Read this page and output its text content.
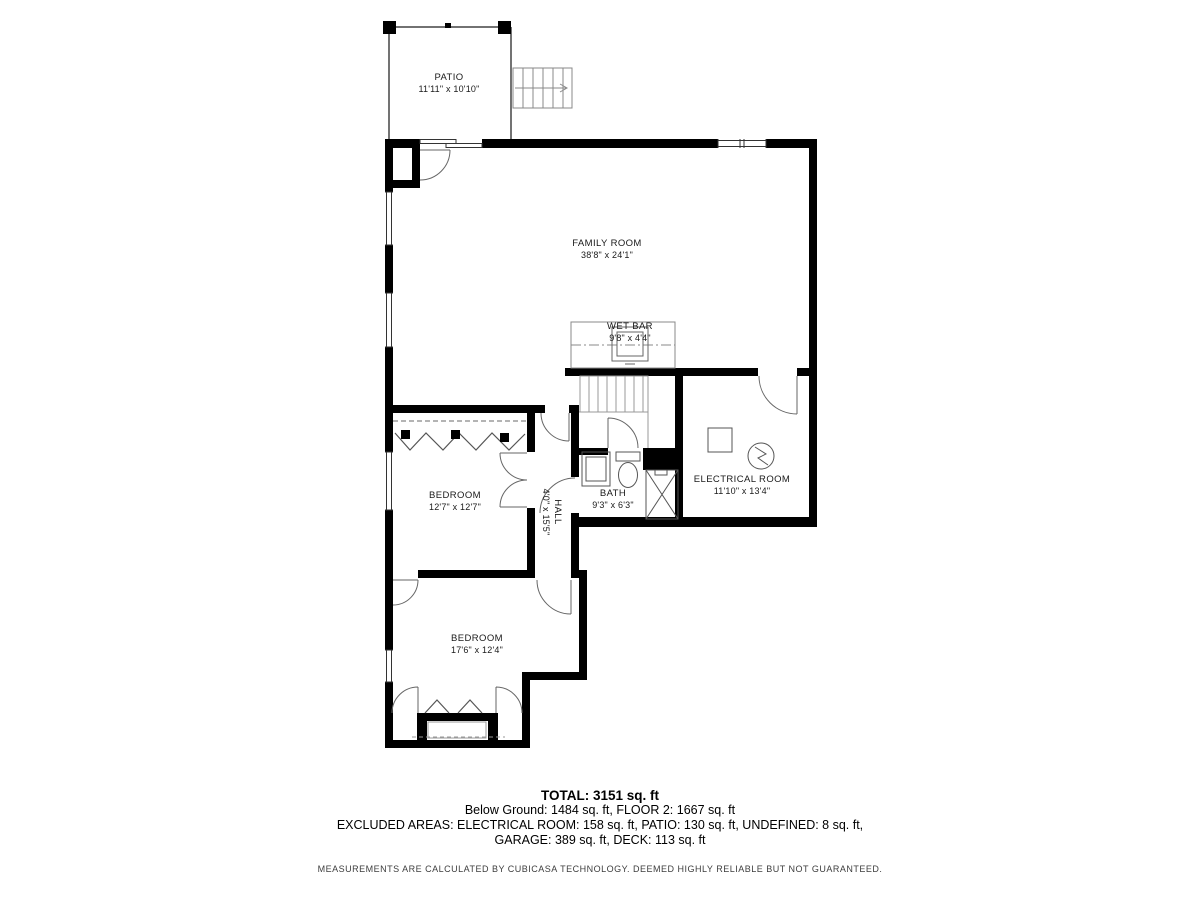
PATIO
11'11" x 10'10"
FAMILY ROOM
38'8" x 24'1"
WET BAR
9'8" x 4'4"
BEDROOM
12'7" x 12'7"
BATH
9'3" x 6'3"
HALL
4'0" x 15'5"
ELECTRICAL ROOM
11'10" x 13'4"
BEDROOM
17'6" x 12'4"
TOTAL: 3151 sq. ft
Below Ground: 1484 sq. ft, FLOOR 2: 1667 sq. ft
EXCLUDED AREAS: ELECTRICAL ROOM: 158 sq. ft, PATIO: 130 sq. ft, UNDEFINED: 8 sq. ft,
GARAGE: 389 sq. ft, DECK: 113 sq. ft
MEASUREMENTS ARE CALCULATED BY CUBICASA TECHNOLOGY. DEEMED HIGHLY RELIABLE BUT NOT GUARANTEED.
